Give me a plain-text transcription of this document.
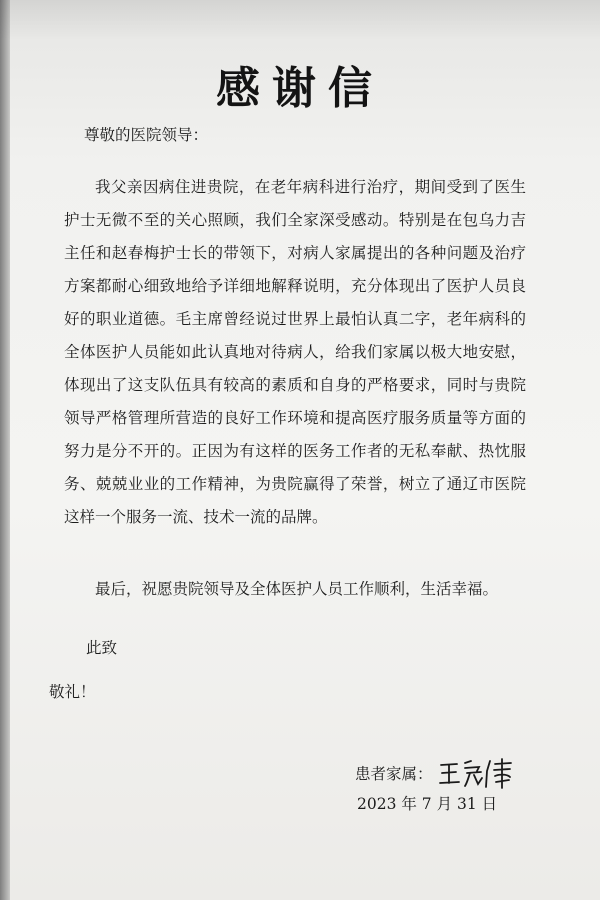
感谢信
尊敬的医院领导：
我父亲因病住进贵院，在老年病科进行治疗，期间受到了医生护士无微不至的关心照顾，我们全家深受感动。特别是在包乌力吉主任和赵春梅护士长的带领下，对病人家属提出的各种问题及治疗方案都耐心细致地给予详细地解释说明，充分体现出了医护人员良好的职业道德。毛主席曾经说过世界上最怕认真二字，老年病科的全体医护人员能如此认真地对待病人，给我们家属以极大地安慰，体现出了这支队伍具有较高的素质和自身的严格要求，同时与贵院领导严格管理所营造的良好工作环境和提高医疗服务质量等方面的努力是分不开的。正因为有这样的医务工作者的无私奉献、热忱服务、兢兢业业的工作精神，为贵院赢得了荣誉，树立了通辽市医院这样一个服务一流、技术一流的品牌。
最后，祝愿贵院领导及全体医护人员工作顺利，生活幸福。
此致
敬礼！
患者家属：
2023 年 7 月 31 日
